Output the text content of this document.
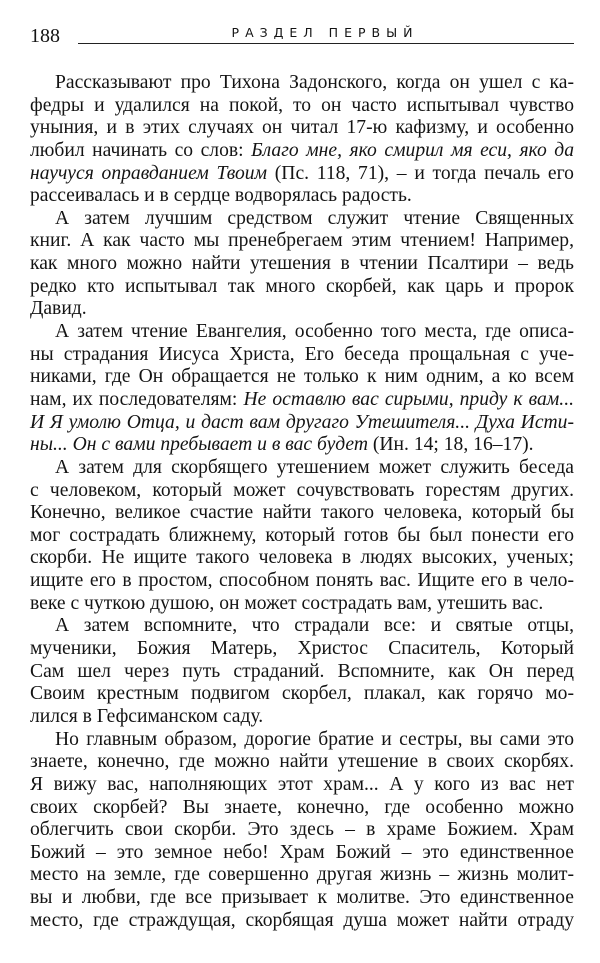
188	РАЗДЕЛ ПЕРВЫЙ
Рассказывают про Тихона Задонского, когда он ушел с ка-
федры и удалился на покой, то он часто испытывал чувство
уныния, и в этих случаях он читал 17-ю кафизму, и особенно
любил начинать со слов: Благо мне, яко смирил мя еси, яко да
научуся оправданием Твоим (Пс. 118, 71), – и тогда печаль его
рассеивалась и в сердце водворялась радость.
А затем лучшим средством служит чтение Священных
книг. А как часто мы пренебрегаем этим чтением! Например,
как много можно найти утешения в чтении Псалтири – ведь
редко кто испытывал так много скорбей, как царь и пророк
Давид.
А затем чтение Евангелия, особенно того места, где описа-
ны страдания Иисуса Христа, Его беседа прощальная с уче-
никами, где Он обращается не только к ним одним, а ко всем
нам, их последователям: Не оставлю вас сирыми, приду к вам...
И Я умолю Отца, и даст вам другаго Утешителя... Духа Исти-
ны... Он с вами пребывает и в вас будет (Ин. 14; 18, 16–17).
А затем для скорбящего утешением может служить беседа
с человеком, который может сочувствовать горестям других.
Конечно, великое счастие найти такого человека, который бы
мог сострадать ближнему, который готов бы был понести его
скорби. Не ищите такого человека в людях высоких, ученых;
ищите его в простом, способном понять вас. Ищите его в чело-
веке с чуткою душою, он может сострадать вам, утешить вас.
А затем вспомните, что страдали все: и святые отцы,
мученики, Божия Матерь, Христос Спаситель, Который
Сам шел через путь страданий. Вспомните, как Он перед
Своим крестным подвигом скорбел, плакал, как горячо мо-
лился в Гефсиманском саду.
Но главным образом, дорогие братие и сестры, вы сами это
знаете, конечно, где можно найти утешение в своих скорбях.
Я вижу вас, наполняющих этот храм... А у кого из вас нет
своих скорбей? Вы знаете, конечно, где особенно можно
облегчить свои скорби. Это здесь – в храме Божием. Храм
Божий – это земное небо! Храм Божий – это единственное
место на земле, где совершенно другая жизнь – жизнь молит-
вы и любви, где все призывает к молитве. Это единственное
место, где страждущая, скорбящая душа может найти отраду
